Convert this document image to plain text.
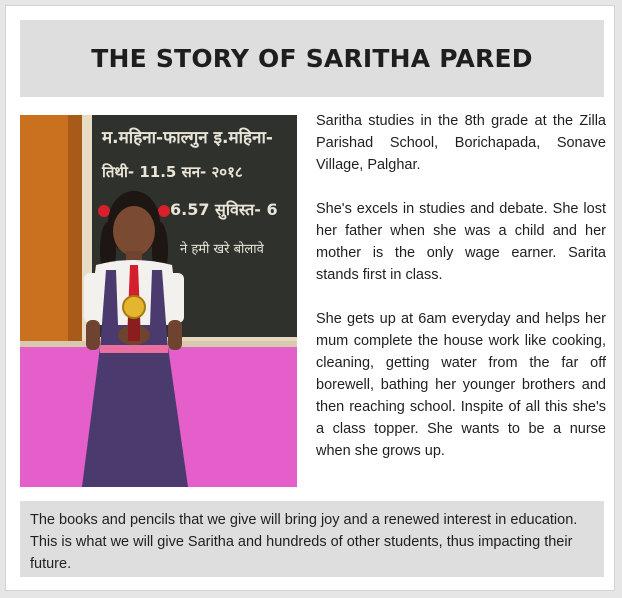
THE STORY OF SARITHA PARED
म.महिना-फाल्गुन इ.महिना-
तिथी- 11.5 सन- २०१८
6.57 सुविस्त- 6
ने हमी खरे बोलावे

Saritha studies in the 8th grade at the Zilla Parishad School, Borichapada, Sonave Village, Palghar.

She's excels in studies and debate. She lost her father when she was a child and her mother is the only wage earner. Sarita stands first in class.

She gets up at 6am everyday and helps her mum complete the house work like cooking, cleaning, getting water from the far off borewell, bathing her younger brothers and then reaching school. Inspite of all this she's a class topper. She wants to be a nurse when she grows up.

The books and pencils that we give will bring joy and a renewed interest in education. This is what we will give Saritha and hundreds of other students, thus impacting their future.
